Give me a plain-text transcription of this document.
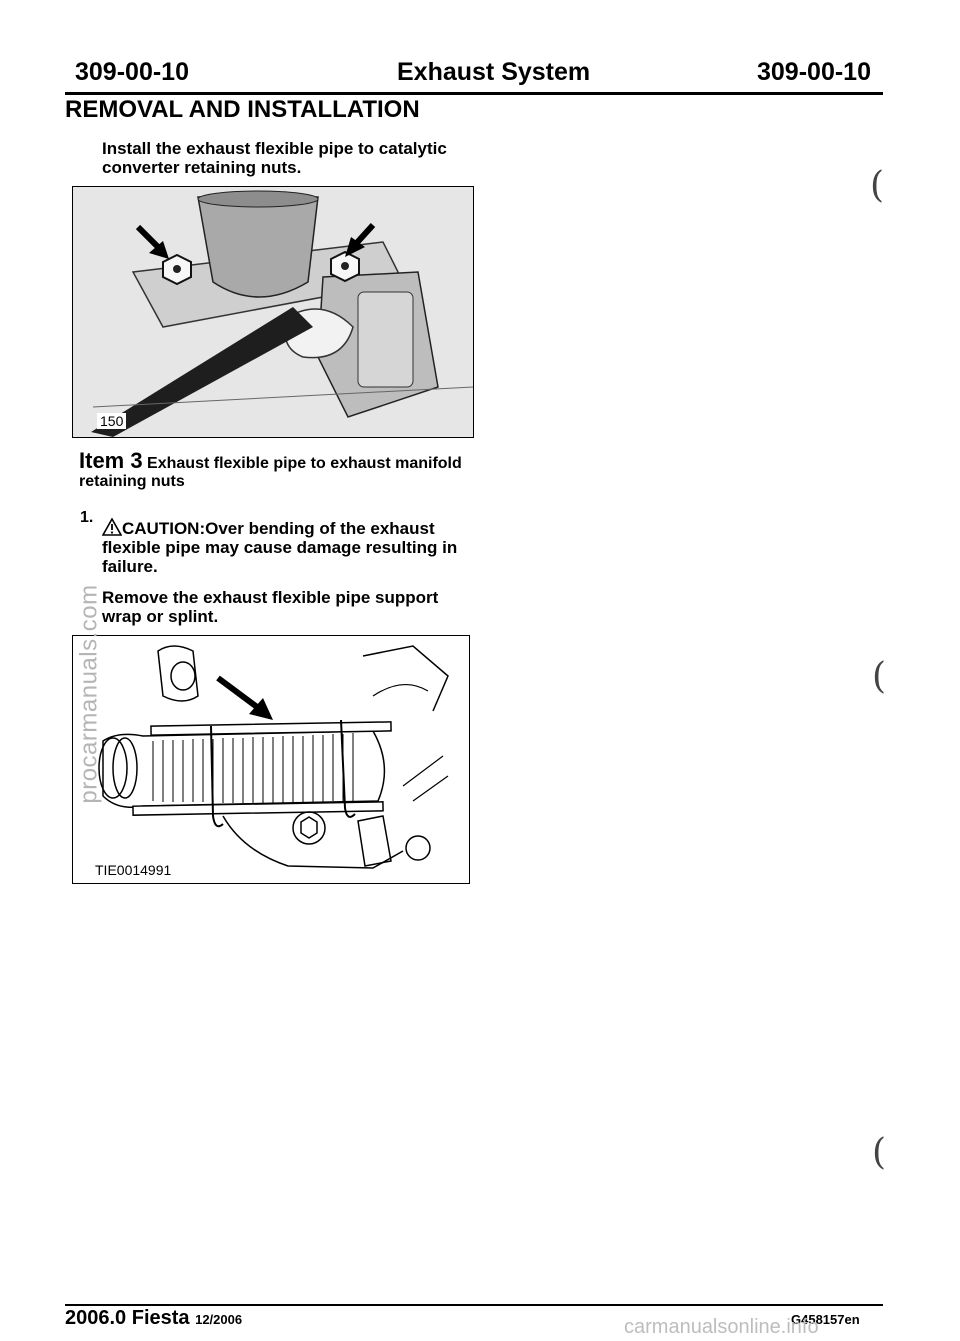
309-00-10	Exhaust System	309-00-10
REMOVAL AND INSTALLATION
Install the exhaust flexible pipe to catalytic
converter retaining nuts.
150
Item 3 Exhaust flexible pipe to exhaust manifold
retaining nuts
1.
CAUTION:Over bending of the exhaust
flexible pipe may cause damage resulting in
failure.
Remove the exhaust flexible pipe support
wrap or splint.
TIE0014991
(
(
(
procarmanuals.com
2006.0 Fiesta 12/2006	G458157en
carmanualsonline.info
